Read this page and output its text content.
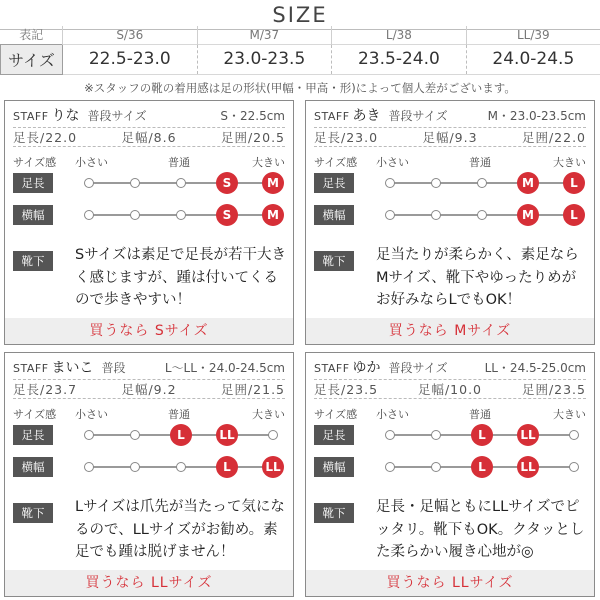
SIZE
表記	S/36	M/37	L/38	LL/39
サイズ	22.5-23.0	23.0-23.5	23.5-24.0	24.0-24.5
※スタッフの靴の着用感は足の形状(甲幅・甲高・形)によって個人差がございます。
STAFF りな 普段サイズ	S・22.5cm
足長/22.0	足幅/8.6	足囲/20.5
サイズ感 小さい	普通	大きい
足長	S	M
横幅	S	M
靴下	Sサイズは素足で足長が若干大きく感じますが、踵は付いてくるので歩きやすい！
買うなら Sサイズ
STAFF あき 普段サイズ	M・23.0-23.5cm
足長/23.0	足幅/9.3	足囲/22.0
サイズ感 小さい	普通	大きい
足長	M	L
横幅	M	L
靴下	足当たりが柔らかく、素足ならMサイズ、靴下やゆったりめがお好みならLでもOK！
買うなら Mサイズ
STAFF まいこ 普段	L〜LL・24.0-24.5cm
足長/23.7	足幅/9.2	足囲/21.5
サイズ感 小さい	普通	大きい
足長	L	LL
横幅	L	LL
靴下	Lサイズは爪先が当たって気になるので、LLサイズがお勧め。素足でも踵は脱げません！
買うなら LLサイズ
STAFF ゆか 普段サイズ	LL・24.5-25.0cm
足長/23.5	足幅/10.0	足囲/23.5
サイズ感 小さい	普通	大きい
足長	L	LL
横幅	L	LL
靴下	足長・足幅ともにLLサイズでピッタリ。靴下もOK。クタッとした柔らかい履き心地が◎
買うなら LLサイズ
